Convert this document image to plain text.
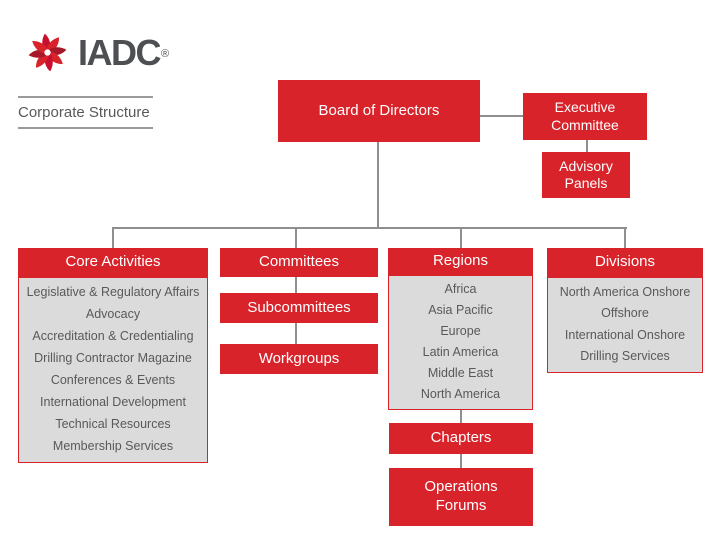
IADC ®
Corporate Structure	Board of Directors	Executive Committee
Advisory Panels
Core Activities
Legislative & Regulatory Affairs
Advocacy
Accreditation & Credentialing
Drilling Contractor Magazine
Conferences & Events
International Development
Technical Resources
Membership Services
Committees
Subcommittees
Workgroups
Regions
Africa
Asia Pacific
Europe
Latin America
Middle East
North America
Chapters
Operations Forums
Divisions
North America Onshore
Offshore
International Onshore
Drilling Services
